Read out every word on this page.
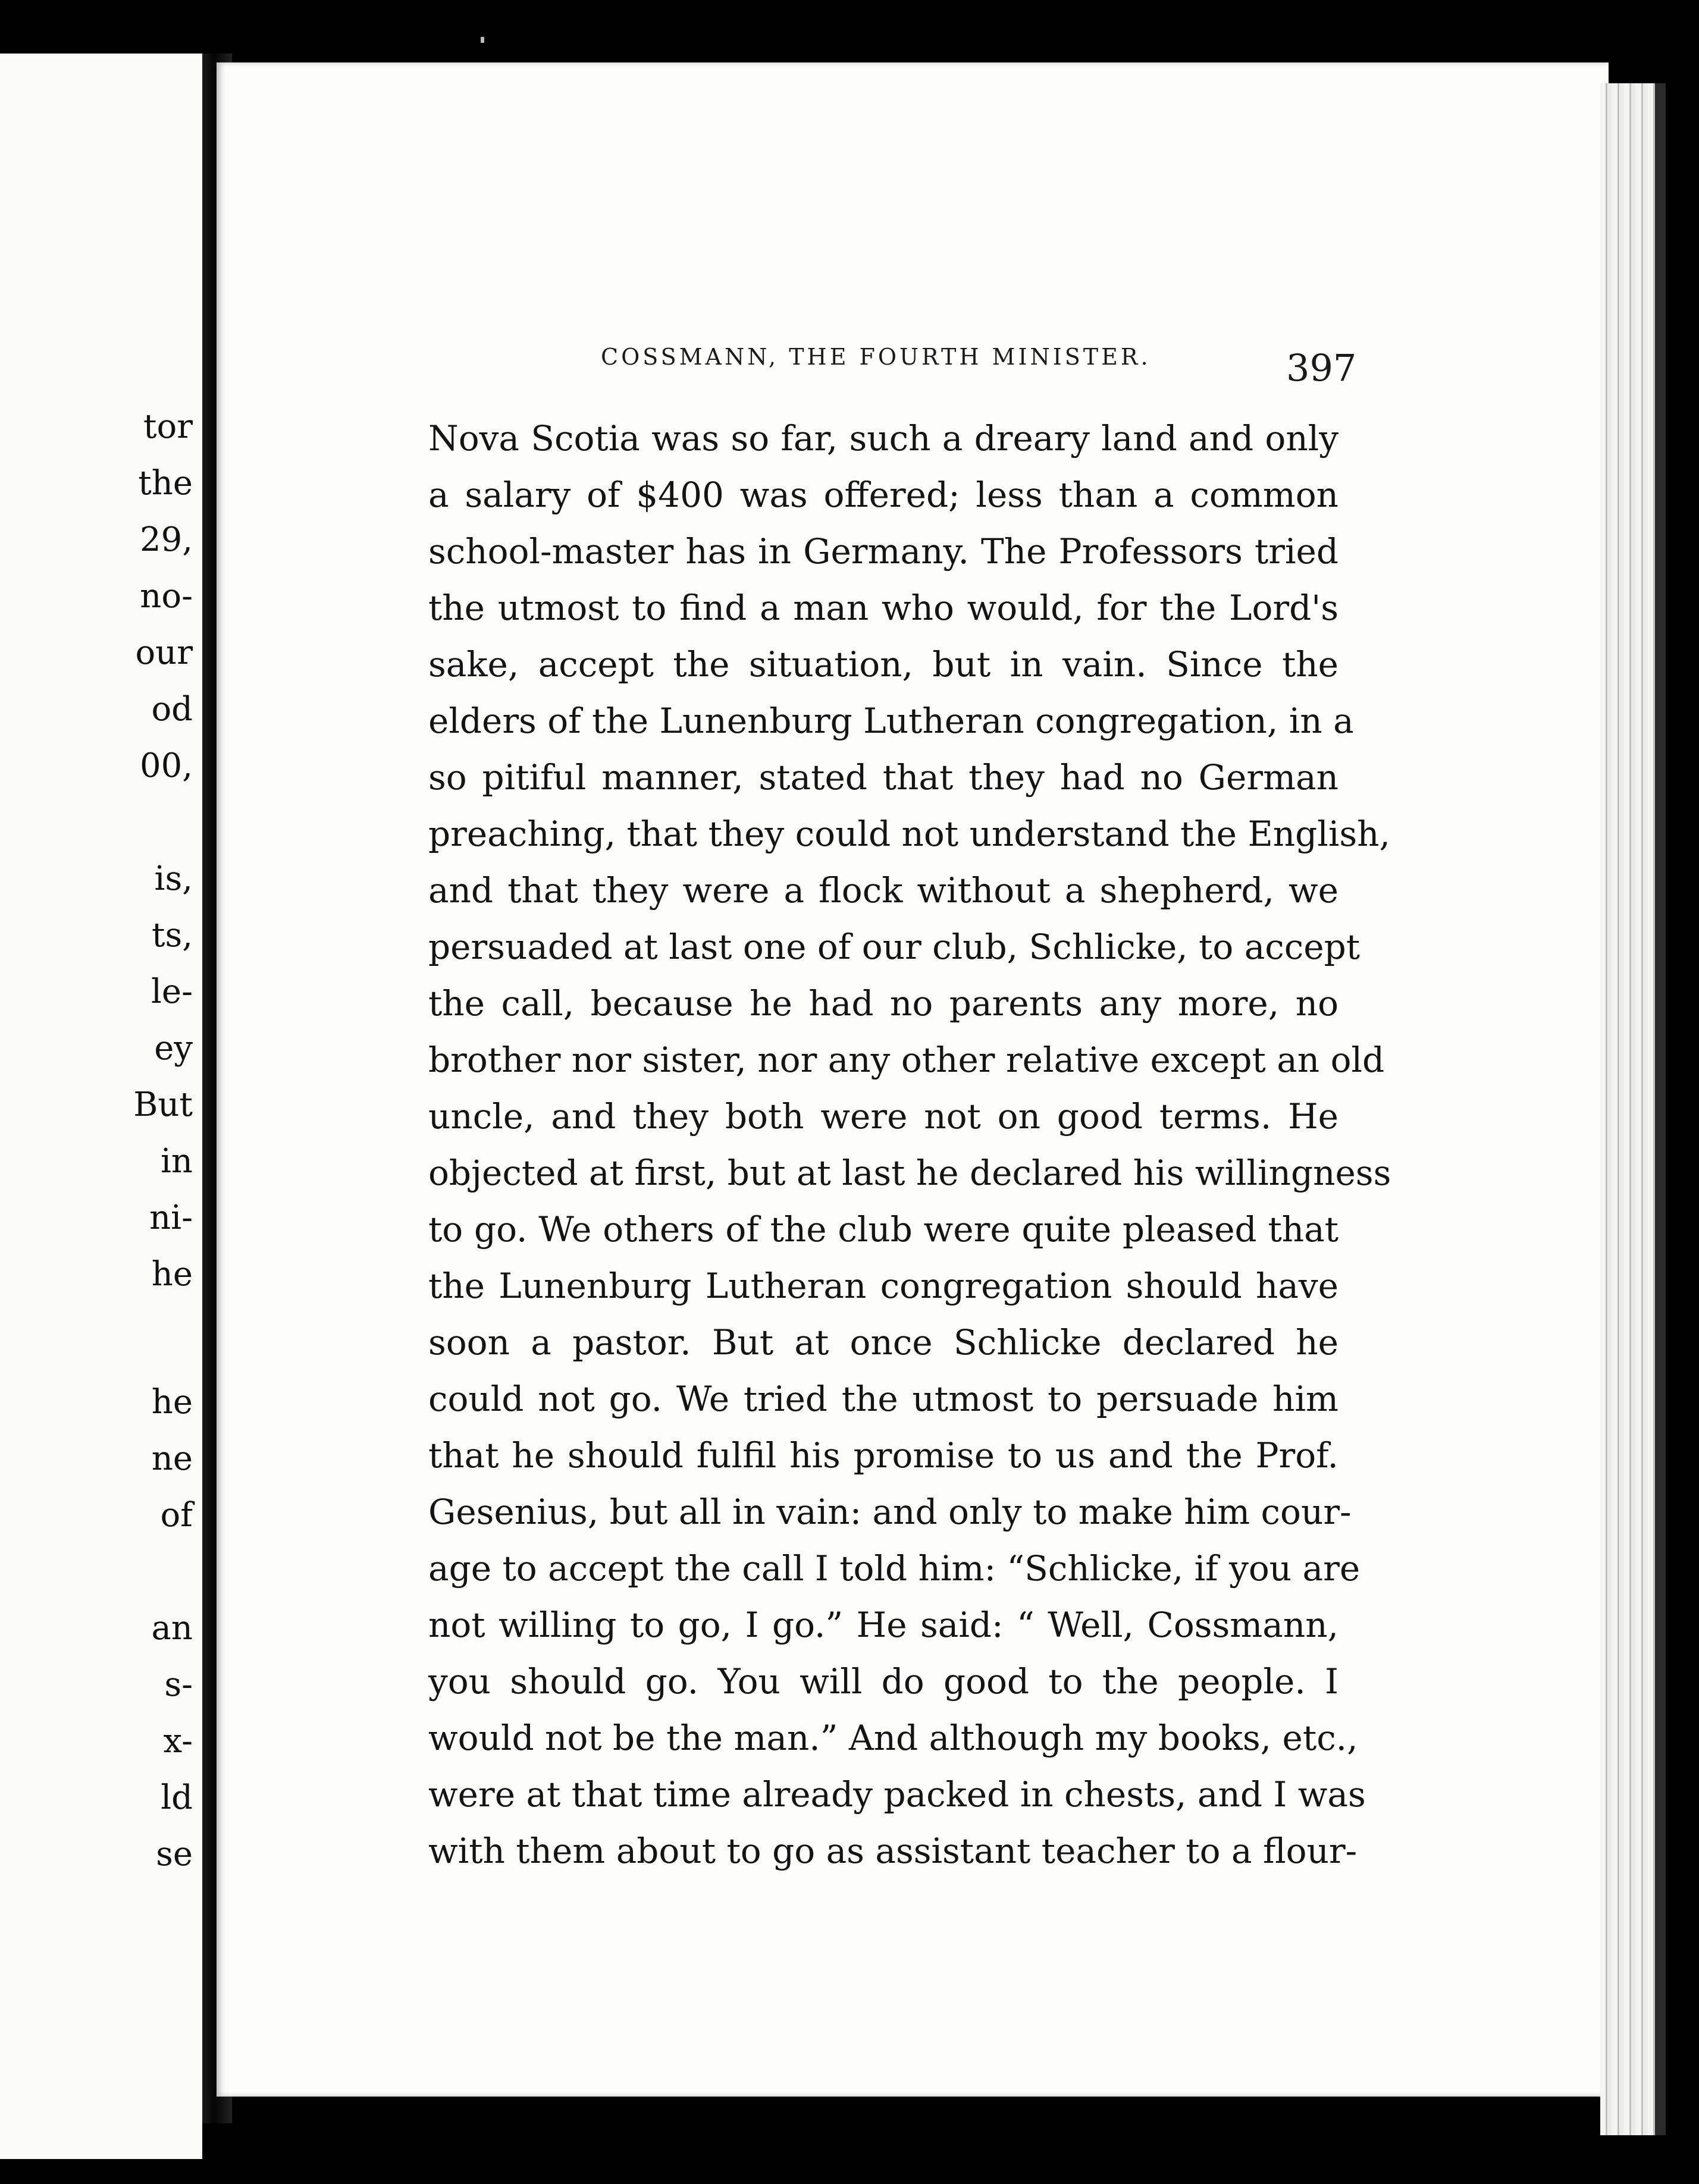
tor
the
29,
no-
our
od
00,
is,
ts,
le-
ey
But
in
ni-
he
he
ne
of
an
s-
x-
ld
se
COSSMANN, THE FOURTH MINISTER.	397
Nova Scotia was so far, such a dreary land and only
a salary of $400 was offered; less than a common
school-master has in Germany. The Professors tried
the utmost to find a man who would, for the Lord's
sake, accept the situation, but in vain. Since the
elders of the Lunenburg Lutheran congregation, in a
so pitiful manner, stated that they had no German
preaching, that they could not understand the English,
and that they were a flock without a shepherd, we
persuaded at last one of our club, Schlicke, to accept
the call, because he had no parents any more, no
brother nor sister, nor any other relative except an old
uncle, and they both were not on good terms. He
objected at first, but at last he declared his willingness
to go. We others of the club were quite pleased that
the Lunenburg Lutheran congregation should have
soon a pastor. But at once Schlicke declared he
could not go. We tried the utmost to persuade him
that he should fulfil his promise to us and the Prof.
Gesenius, but all in vain: and only to make him cour-
age to accept the call I told him: “Schlicke, if you are
not willing to go, I go.” He said: “ Well, Cossmann,
you should go. You will do good to the people. I
would not be the man.” And although my books, etc.,
were at that time already packed in chests, and I was
with them about to go as assistant teacher to a flour-
